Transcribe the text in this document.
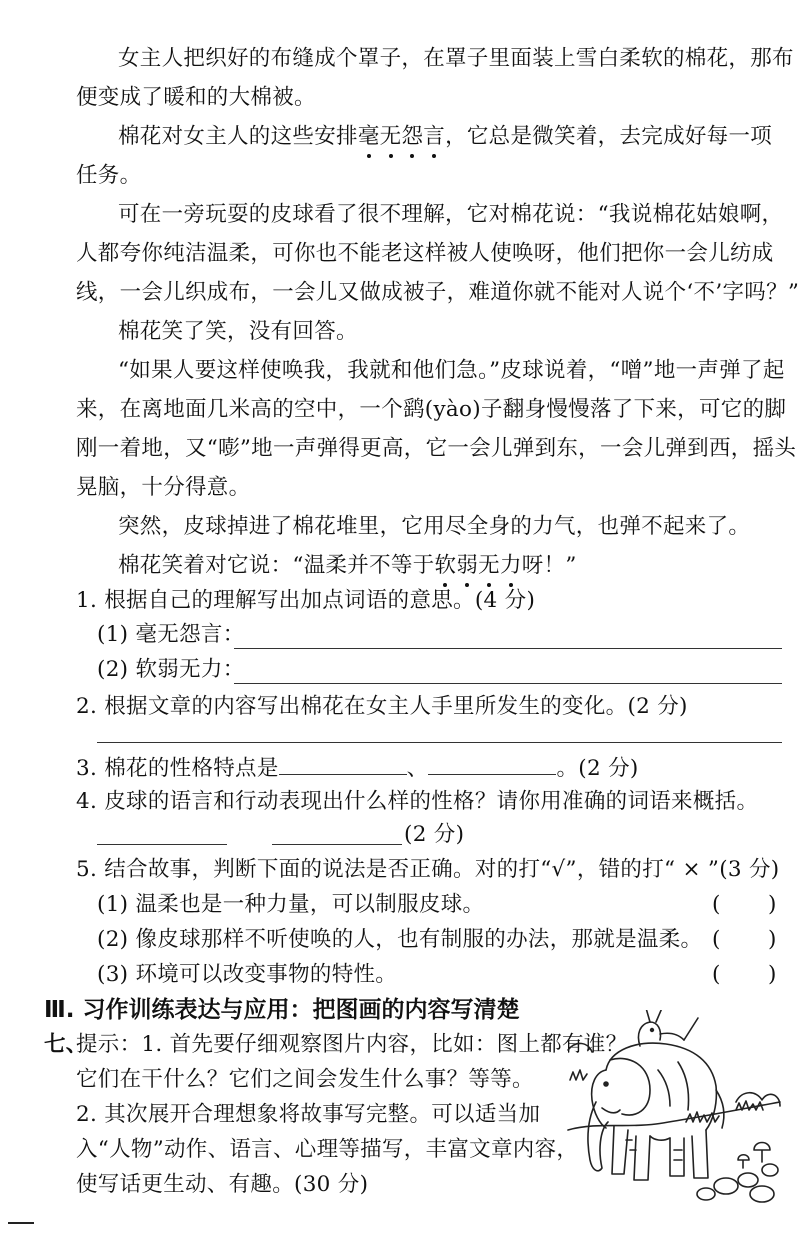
女主人把织好的布缝成个罩子，在罩子里面装上雪白柔软的棉花，那布
便变成了暖和的大棉被。
棉花对女主人的这些安排毫无怨言，它总是微笑着，去完成好每一项
任务。
可在一旁玩耍的皮球看了很不理解，它对棉花说：“我说棉花姑娘啊，
人都夸你纯洁温柔，可你也不能老这样被人使唤呀，他们把你一会儿纺成
线，一会儿织成布，一会儿又做成被子，难道你就不能对人说个‘不’字吗？”
棉花笑了笑，没有回答。
“如果人要这样使唤我，我就和他们急。”皮球说着，“噌”地一声弹了起
来，在离地面几米高的空中，一个鹞(yào)子翻身慢慢落了下来，可它的脚
刚一着地，又“嘭”地一声弹得更高，它一会儿弹到东，一会儿弹到西，摇头
晃脑，十分得意。
突然，皮球掉进了棉花堆里，它用尽全身的力气，也弹不起来了。
棉花笑着对它说：“温柔并不等于软弱无力呀！”
1. 根据自己的理解写出加点词语的意思。(4 分)
(1) 毫无怨言：
(2) 软弱无力：
2. 根据文章的内容写出棉花在女主人手里所发生的变化。(2 分)
3. 棉花的性格特点是	、	。(2 分)
4. 皮球的语言和行动表现出什么样的性格？请你用准确的词语来概括。
(2 分)
5. 结合故事，判断下面的说法是否正确。对的打“√”，错的打“ × ”(3 分)
(1) 温柔也是一种力量，可以制服皮球。	( )
(2) 像皮球那样不听使唤的人，也有制服的办法，那就是温柔。 ( )
(3) 环境可以改变事物的特性。	( )
Ⅲ. 习作训练表达与应用：把图画的内容写清楚
七、
提示：1. 首先要仔细观察图片内容，比如：图上都有谁？
它们在干什么？它们之间会发生什么事？等等。
2. 其次展开合理想象将故事写完整。可以适当加
入“人物”动作、语言、心理等描写，丰富文章内容，
使写话更生动、有趣。(30 分)
